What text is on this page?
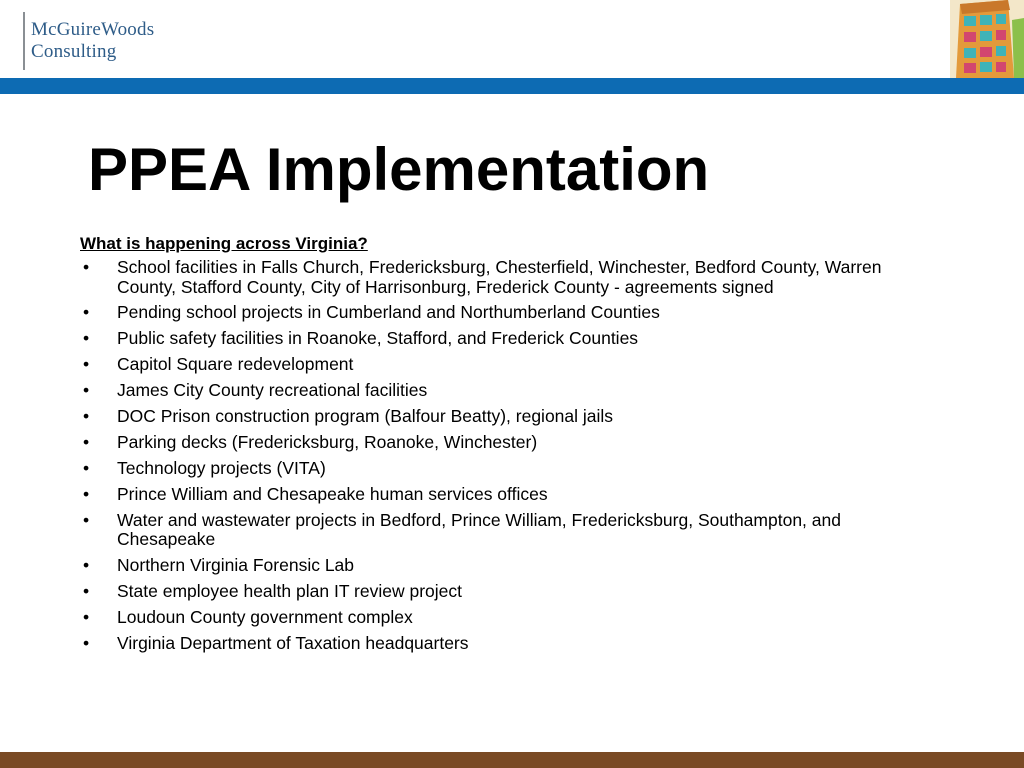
McGuireWoods
Consulting
PPEA Implementation

What is happening across Virginia?

• School facilities in Falls Church, Fredericksburg, Chesterfield, Winchester, Bedford County, Warren County, Stafford County, City of Harrisonburg, Frederick County - agreements signed
• Pending school projects in Cumberland and Northumberland Counties
• Public safety facilities in Roanoke, Stafford, and Frederick Counties
• Capitol Square redevelopment
• James City County recreational facilities
• DOC Prison construction program (Balfour Beatty), regional jails
• Parking decks (Fredericksburg, Roanoke, Winchester)
• Technology projects (VITA)
• Prince William and Chesapeake human services offices
• Water and wastewater projects in Bedford, Prince William, Fredericksburg, Southampton, and Chesapeake
• Northern Virginia Forensic Lab
• State employee health plan IT review project
• Loudoun County government complex
• Virginia Department of Taxation headquarters
